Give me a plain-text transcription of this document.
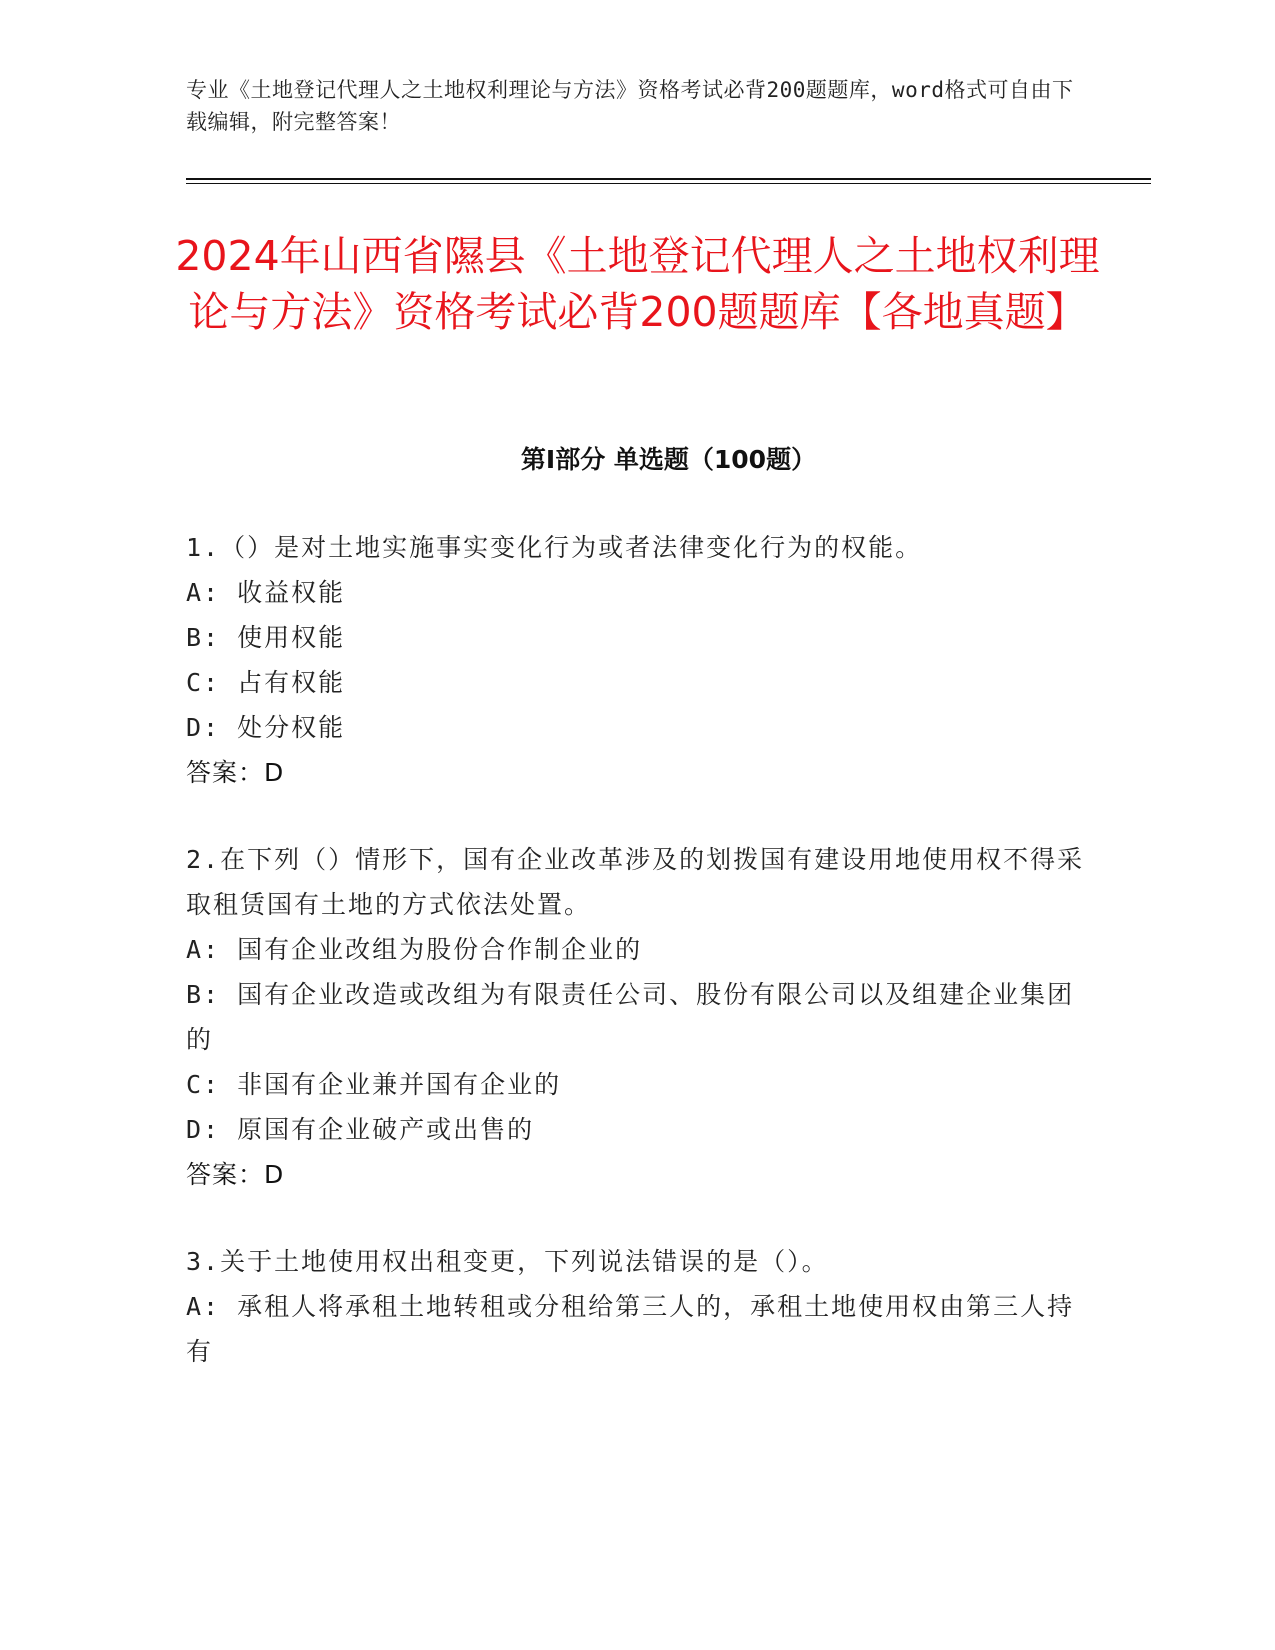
专业《土地登记代理人之土地权利理论与方法》资格考试必背200题题库，word格式可自由下载编辑，附完整答案！
2024年山西省隰县《土地登记代理人之土地权利理论与方法》资格考试必背200题题库【各地真题】
第I部分 单选题（100题）
1.（）是对土地实施事实变化行为或者法律变化行为的权能。
A: 收益权能
B: 使用权能
C: 占有权能
D: 处分权能
答案：D
2.在下列（）情形下，国有企业改革涉及的划拨国有建设用地使用权不得采取租赁国有土地的方式依法处置。
A: 国有企业改组为股份合作制企业的
B: 国有企业改造或改组为有限责任公司、股份有限公司以及组建企业集团的
C: 非国有企业兼并国有企业的
D: 原国有企业破产或出售的
答案：D
3.关于土地使用权出租变更，下列说法错误的是（）。
A: 承租人将承租土地转租或分租给第三人的，承租土地使用权由第三人持有
